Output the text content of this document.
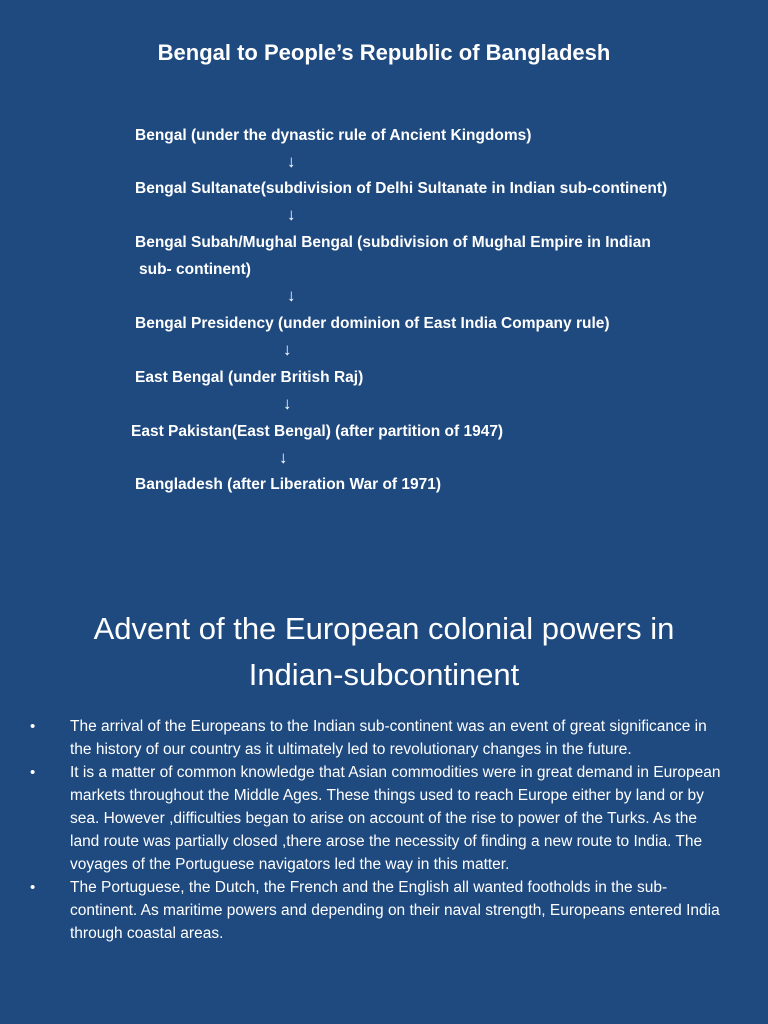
Bengal to People’s Republic of Bangladesh
Bengal (under the dynastic rule of Ancient Kingdoms)
↓
Bengal Sultanate(subdivision of Delhi Sultanate in Indian sub-continent)
↓
Bengal Subah/Mughal Bengal (subdivision of Mughal Empire in Indian
sub- continent)
↓
Bengal Presidency (under dominion of East India Company rule)
↓
East Bengal (under British Raj)
↓
East Pakistan(East Bengal) (after partition of 1947)
↓
Bangladesh (after Liberation War of 1971)
Advent of the European colonial powers in
Indian-subcontinent
• The arrival of the Europeans to the Indian sub-continent was an event of great significance in the history of our country as it ultimately led to revolutionary changes in the future.
• It is a matter of common knowledge that Asian commodities were in great demand in European markets throughout the Middle Ages. These things used to reach Europe either by land or by sea. However ,difficulties began to arise on account of the rise to power of the Turks. As the land route was partially closed ,there arose the necessity of finding a new route to India. The voyages of the Portuguese navigators led the way in this matter.
• The Portuguese, the Dutch, the French and the English all wanted footholds in the sub-continent. As maritime powers and depending on their naval strength, Europeans entered India through coastal areas.
